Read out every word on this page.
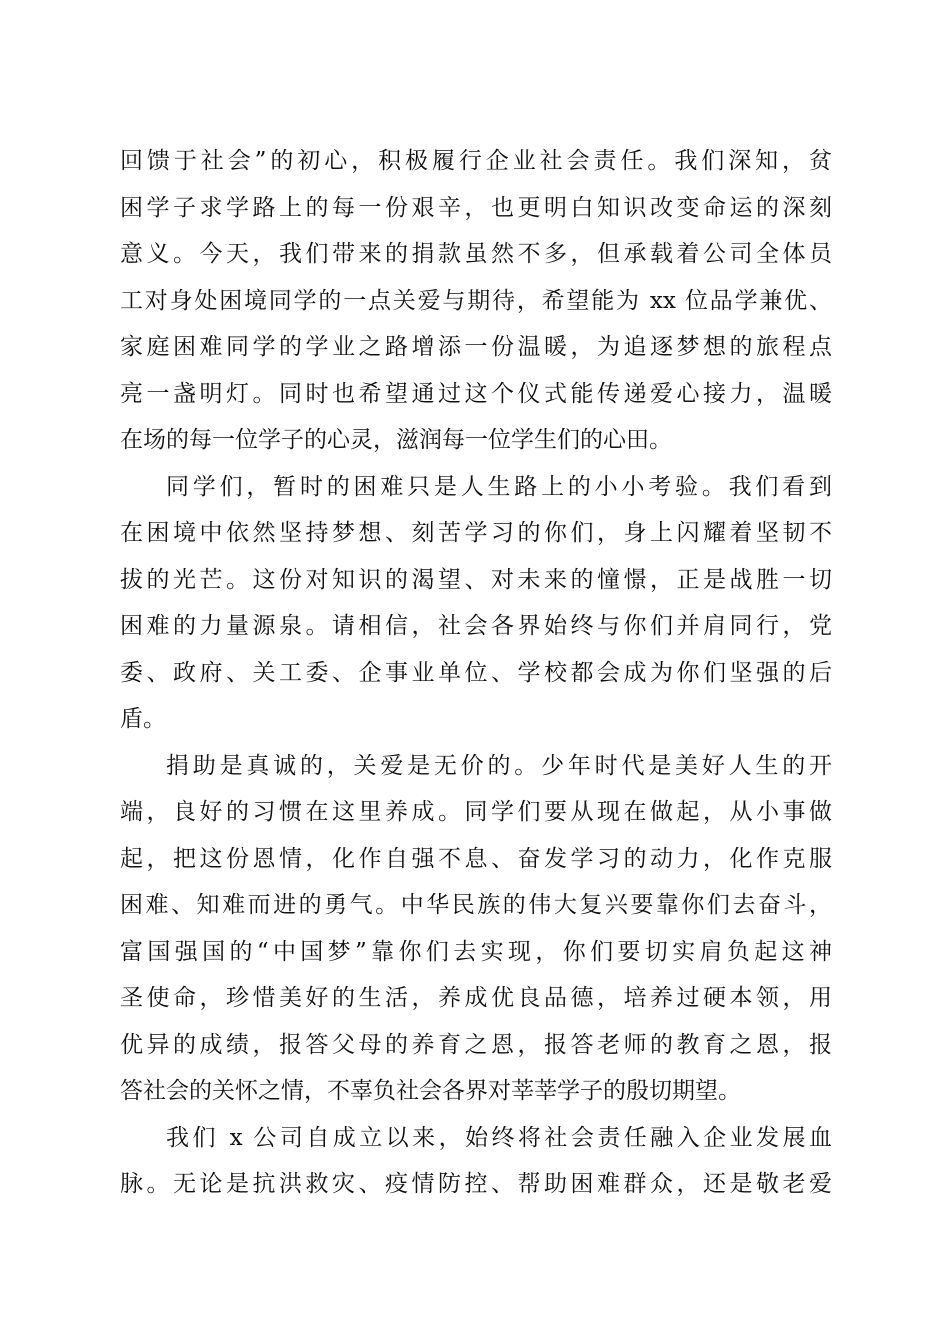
回馈于社会”的初心，积极履行企业社会责任。我们深知，贫
困学子求学路上的每一份艰辛，也更明白知识改变命运的深刻
意义。今天，我们带来的捐款虽然不多，但承载着公司全体员
工对身处困境同学的一点关爱与期待，希望能为 xx 位品学兼优、
家庭困难同学的学业之路增添一份温暖，为追逐梦想的旅程点
亮一盏明灯。同时也希望通过这个仪式能传递爱心接力，温暖
在场的每一位学子的心灵，滋润每一位学生们的心田。
同学们，暂时的困难只是人生路上的小小考验。我们看到
在困境中依然坚持梦想、刻苦学习的你们，身上闪耀着坚韧不
拔的光芒。这份对知识的渴望、对未来的憧憬，正是战胜一切
困难的力量源泉。请相信，社会各界始终与你们并肩同行，党
委、政府、关工委、企事业单位、学校都会成为你们坚强的后
盾。
捐助是真诚的，关爱是无价的。少年时代是美好人生的开
端，良好的习惯在这里养成。同学们要从现在做起，从小事做
起，把这份恩情，化作自强不息、奋发学习的动力，化作克服
困难、知难而进的勇气。中华民族的伟大复兴要靠你们去奋斗，
富国强国的“中国梦”靠你们去实现，你们要切实肩负起这神
圣使命，珍惜美好的生活，养成优良品德，培养过硬本领，用
优异的成绩，报答父母的养育之恩，报答老师的教育之恩，报
答社会的关怀之情，不辜负社会各界对莘莘学子的殷切期望。
我们 x 公司自成立以来，始终将社会责任融入企业发展血
脉。无论是抗洪救灾、疫情防控、帮助困难群众，还是敬老爱
